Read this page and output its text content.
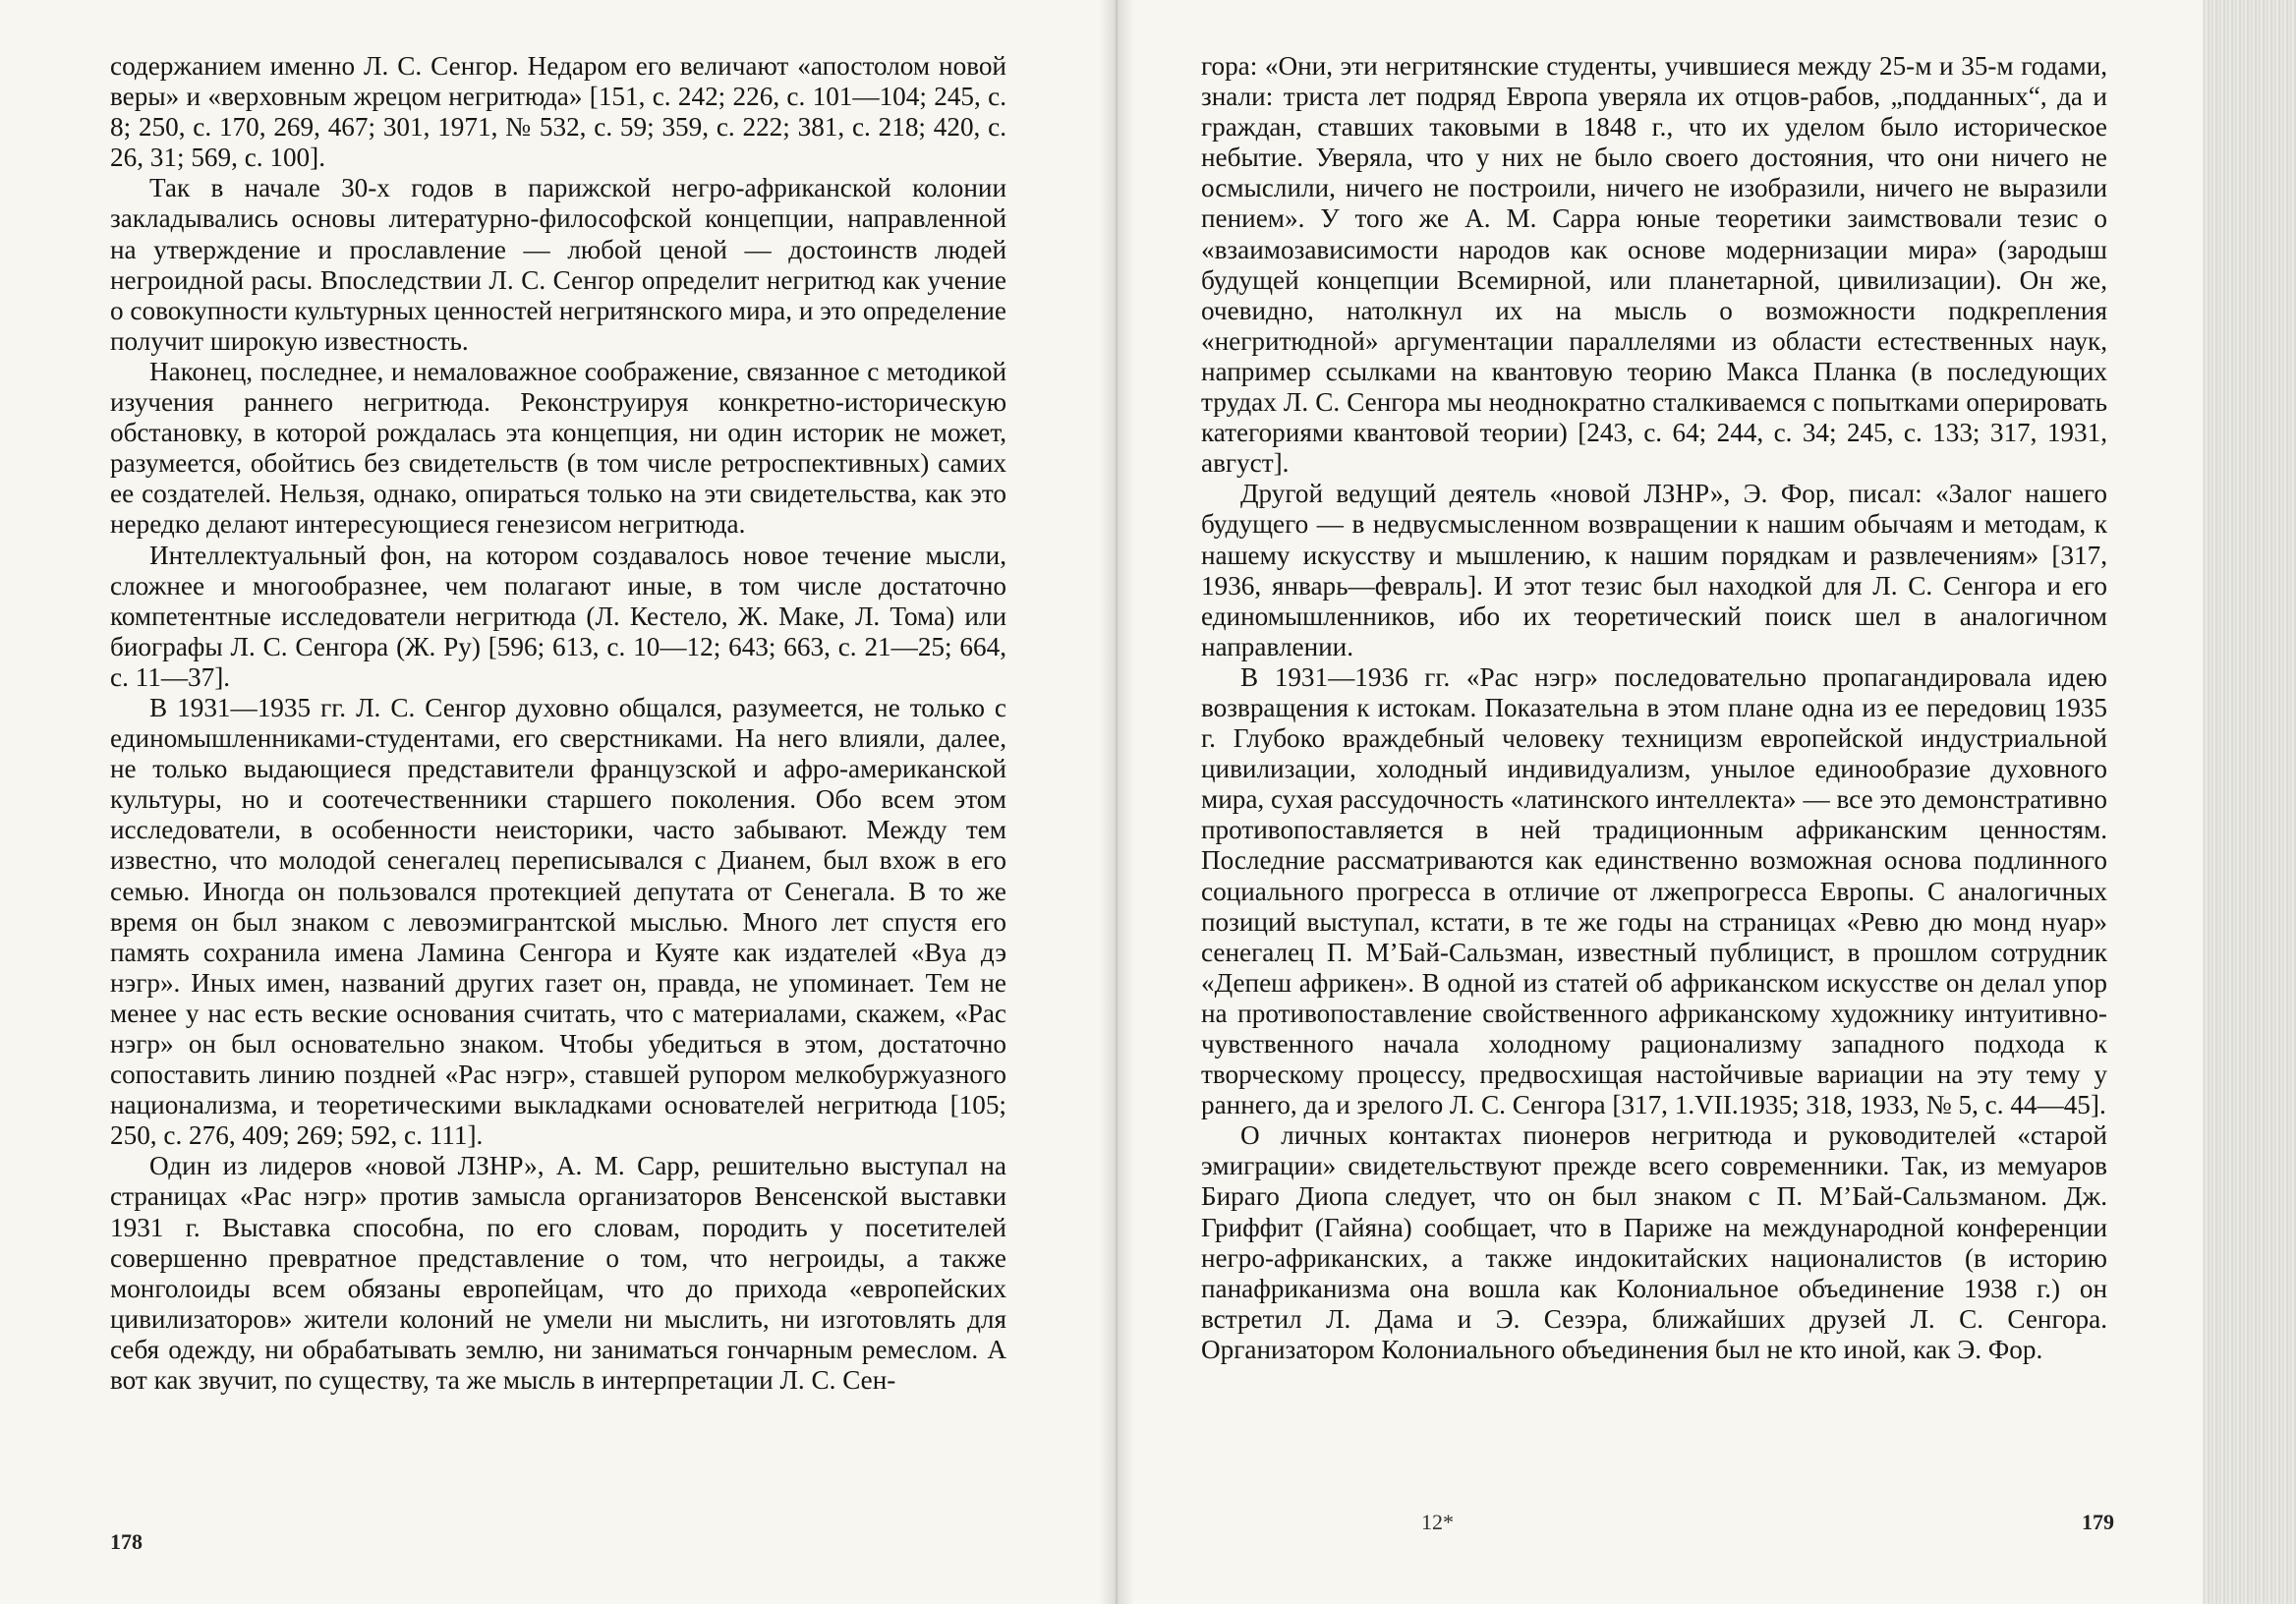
содержанием именно Л. С. Сенгор. Недаром его величают «апостолом новой веры» и «верховным жрецом негритюда» [151, с. 242; 226, с. 101—104; 245, с. 8; 250, с. 170, 269, 467; 301, 1971, № 532, с. 59; 359, с. 222; 381, с. 218; 420, с. 26, 31; 569, с. 100].

Так в начале 30-х годов в парижской негро-африканской колонии закладывались основы литературно-философской концепции, направленной на утверждение и прославление — любой ценой — достоинств людей негроидной расы. Впоследствии Л. С. Сенгор определит негритюд как учение о совокупности культурных ценностей негритянского мира, и это определение получит широкую известность.

Наконец, последнее, и немаловажное соображение, связанное с методикой изучения раннего негритюда. Реконструируя конкретно-историческую обстановку, в которой рождалась эта концепция, ни один историк не может, разумеется, обойтись без свидетельств (в том числе ретроспективных) самих ее создателей. Нельзя, однако, опираться только на эти свидетельства, как это нередко делают интересующиеся генезисом негритюда.

Интеллектуальный фон, на котором создавалось новое течение мысли, сложнее и многообразнее, чем полагают иные, в том числе достаточно компетентные исследователи негритюда (Л. Кестело, Ж. Маке, Л. Тома) или биографы Л. С. Сенгора (Ж. Ру) [596; 613, с. 10—12; 643; 663, с. 21—25; 664, с. 11—37].

В 1931—1935 гг. Л. С. Сенгор духовно общался, разумеется, не только с единомышленниками-студентами, его сверстниками. На него влияли, далее, не только выдающиеся представители французской и афро-американской культуры, но и соотечественники старшего поколения. Обо всем этом исследователи, в особенности неисторики, часто забывают. Между тем известно, что молодой сенегалец переписывался с Дианем, был вхож в его семью. Иногда он пользовался протекцией депутата от Сенегала. В то же время он был знаком с левоэмигрантской мыслью. Много лет спустя его память сохранила имена Ламина Сенгора и Куяте как издателей «Вуа дэ нэгр». Иных имен, названий других газет он, правда, не упоминает. Тем не менее у нас есть веские основания считать, что с материалами, скажем, «Рас нэгр» он был основательно знаком. Чтобы убедиться в этом, достаточно сопоставить линию поздней «Рас нэгр», ставшей рупором мелкобуржуазного национализма, и теоретическими выкладками основателей негритюда [105; 250, с. 276, 409; 269; 592, с. 111].

Один из лидеров «новой ЛЗНР», А. М. Сарр, решительно выступал на страницах «Рас нэгр» против замысла организаторов Венсенской выставки 1931 г. Выставка способна, по его словам, породить у посетителей совершенно превратное представление о том, что негроиды, а также монголоиды всем обязаны европейцам, что до прихода «европейских цивилизаторов» жители колоний не умели ни мыслить, ни изготовлять для себя одежду, ни обрабатывать землю, ни заниматься гончарным ремеслом. А вот как звучит, по существу, та же мысль в интерпретации Л. С. Сен-

178

гора: «Они, эти негритянские студенты, учившиеся между 25-м и 35-м годами, знали: триста лет подряд Европа уверяла их отцов-рабов, „подданных“, да и граждан, ставших таковыми в 1848 г., что их уделом было историческое небытие. Уверяла, что у них не было своего достояния, что они ничего не осмыслили, ничего не построили, ничего не изобразили, ничего не выразили пением». У того же А. М. Сарра юные теоретики заимствовали тезис о «взаимозависимости народов как основе модернизации мира» (зародыш будущей концепции Всемирной, или планетарной, цивилизации). Он же, очевидно, натолкнул их на мысль о возможности подкрепления «негритюдной» аргументации параллелями из области естественных наук, например ссылками на квантовую теорию Макса Планка (в последующих трудах Л. С. Сенгора мы неоднократно сталкиваемся с попытками оперировать категориями квантовой теории) [243, с. 64; 244, с. 34; 245, с. 133; 317, 1931, август].

Другой ведущий деятель «новой ЛЗНР», Э. Фор, писал: «Залог нашего будущего — в недвусмысленном возвращении к нашим обычаям и методам, к нашему искусству и мышлению, к нашим порядкам и развлечениям» [317, 1936, январь—февраль]. И этот тезис был находкой для Л. С. Сенгора и его единомышленников, ибо их теоретический поиск шел в аналогичном направлении.

В 1931—1936 гг. «Рас нэгр» последовательно пропагандировала идею возвращения к истокам. Показательна в этом плане одна из ее передовиц 1935 г. Глубоко враждебный человеку техницизм европейской индустриальной цивилизации, холодный индивидуализм, унылое единообразие духовного мира, сухая рассудочность «латинского интеллекта» — все это демонстративно противопоставляется в ней традиционным африканским ценностям. Последние рассматриваются как единственно возможная основа подлинного социального прогресса в отличие от лжепрогресса Европы. С аналогичных позиций выступал, кстати, в те же годы на страницах «Ревю дю монд нуар» сенегалец П. М’Бай-Сальзман, известный публицист, в прошлом сотрудник «Депеш африкен». В одной из статей об африканском искусстве он делал упор на противопоставление свойственного африканскому художнику интуитивно-чувственного начала холодному рационализму западного подхода к творческому процессу, предвосхищая настойчивые вариации на эту тему у раннего, да и зрелого Л. С. Сенгора [317, 1.VII.1935; 318, 1933, № 5, с. 44—45].

О личных контактах пионеров негритюда и руководителей «старой эмиграции» свидетельствуют прежде всего современники. Так, из мемуаров Бираго Диопа следует, что он был знаком с П. М’Бай-Сальзманом. Дж. Гриффит (Гайяна) сообщает, что в Париже на международной конференции негро-африканских, а также индокитайских националистов (в историю панафриканизма она вошла как Колониальное объединение 1938 г.) он встретил Л. Дама и Э. Сезэра, ближайших друзей Л. С. Сенгора. Организатором Колониального объединения был не кто иной, как Э. Фор.

12*	179
